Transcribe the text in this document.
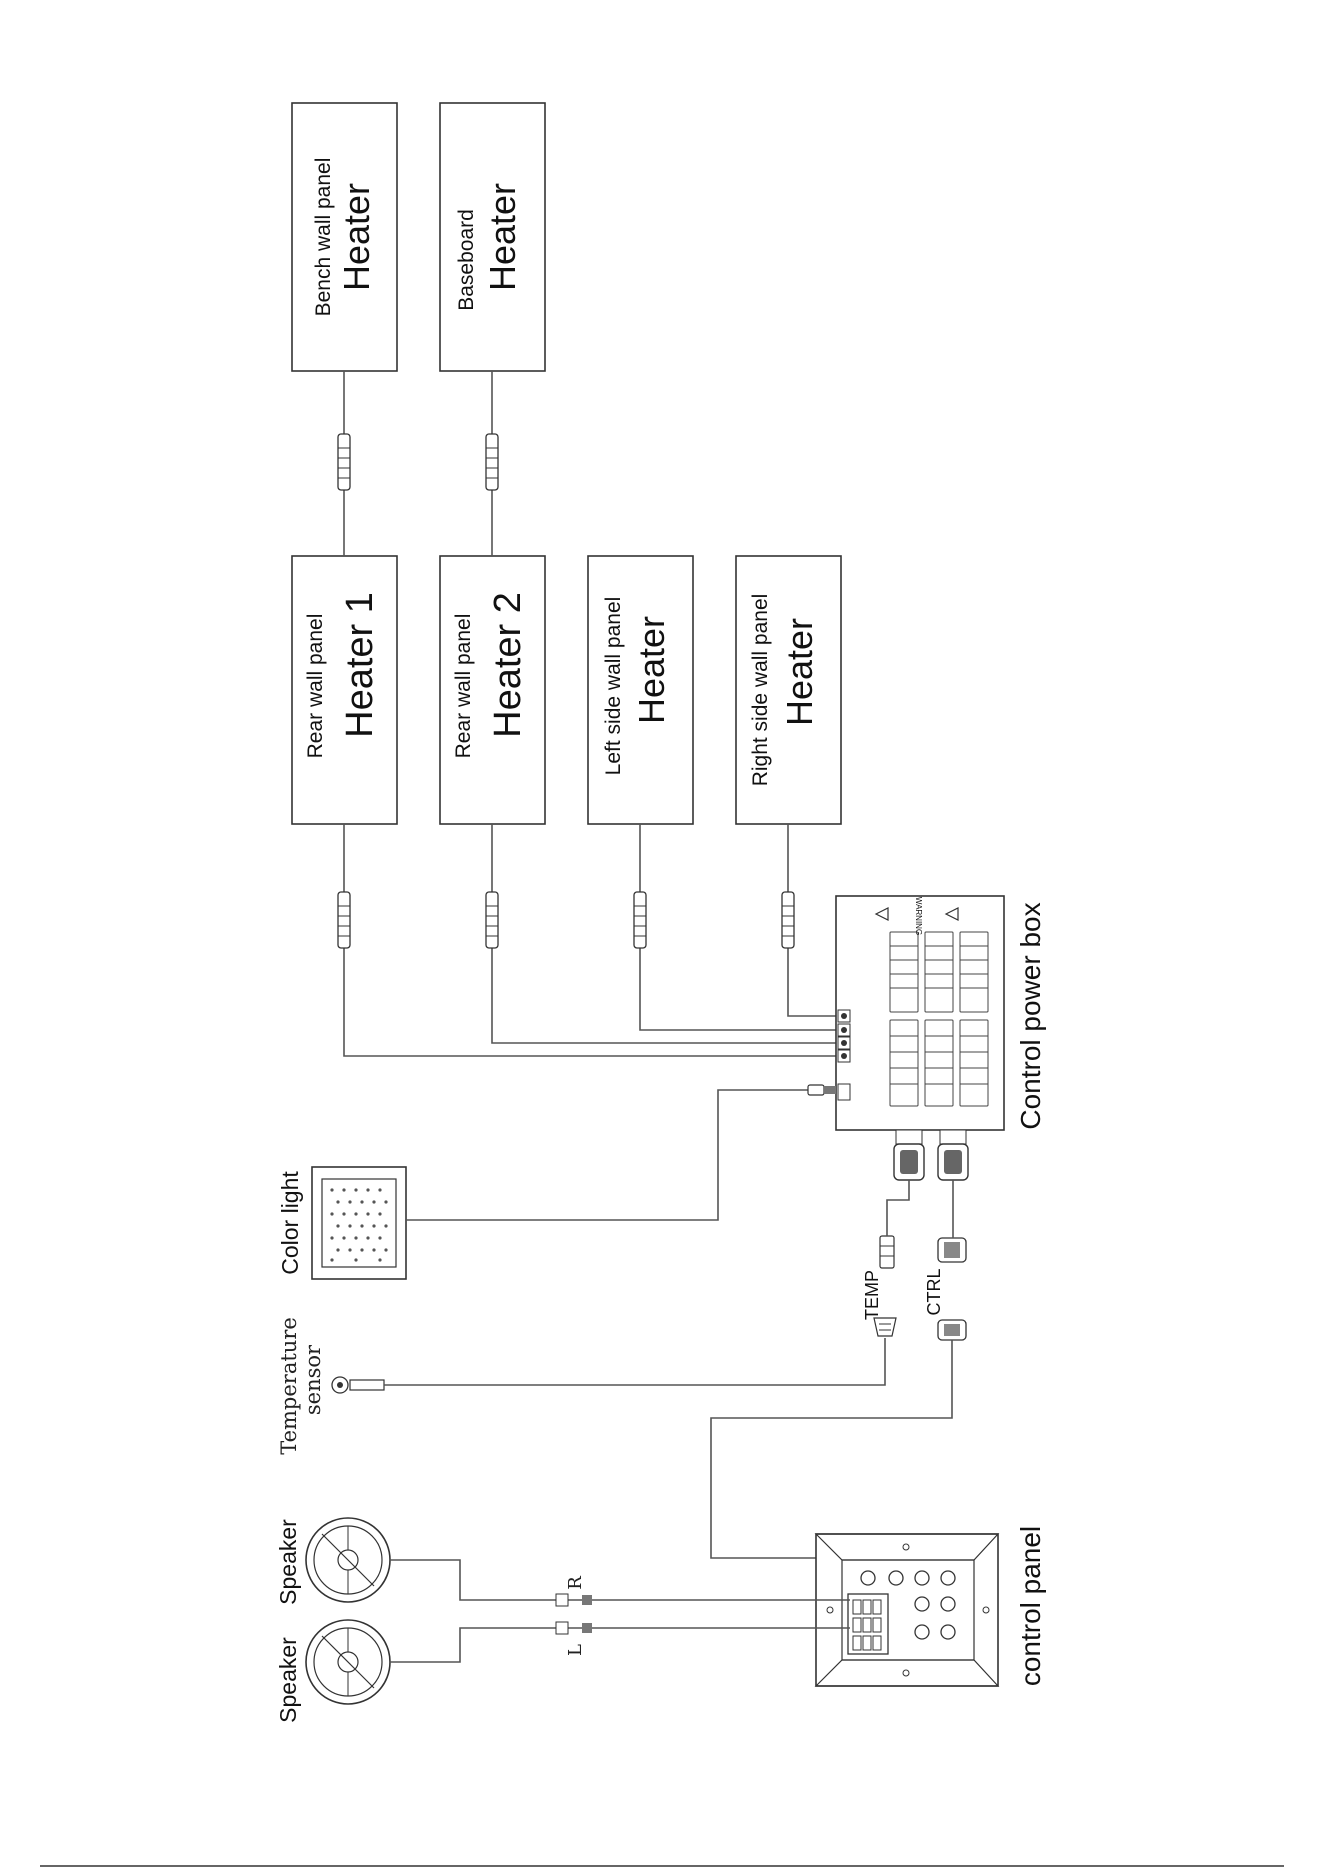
Bench wall panel Heater	Baseboard Heater
Rear wall panel Heater 1	Rear wall panel Heater 2	Left side wall panel Heater	Right side wall panel Heater
WARNING	Control power box
Color light
Temperature sensor
TEMP CTRL
control panel
Speaker
Speaker
R
L
